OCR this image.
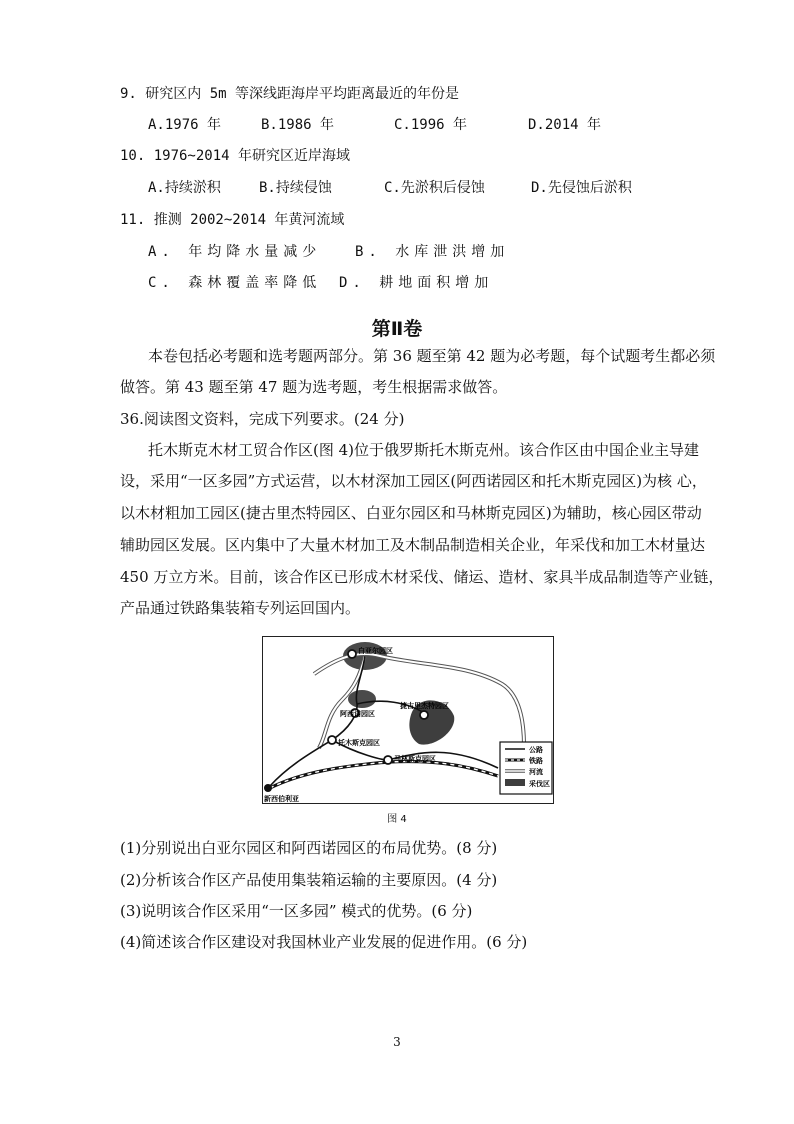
9. 研究区内 5m 等深线距海岸平均距离最近的年份是
A.1976 年	B.1986 年	C.1996 年	D.2014 年
10. 1976~2014 年研究区近岸海域
A.持续淤积	B.持续侵蚀	C.先淤积后侵蚀	D.先侵蚀后淤积
11. 推测 2002~2014 年黄河流域
A. 年均降水量减少 B. 水库泄洪增加
C. 森林覆盖率降低 D. 耕地面积增加
第Ⅱ卷
本卷包括必考题和选考题两部分。第 36 题至第 42 题为必考题，每个试题考生都必须
做答。第 43 题至第 47 题为选考题，考生根据需求做答。
36.阅读图文资料，完成下列要求。(24 分)
托木斯克木材工贸合作区(图 4)位于俄罗斯托木斯克州。该合作区由中国企业主导建
设，采用“一区多园”方式运营，以木材深加工园区(阿西诺园区和托木斯克园区)为核 心，
以木材粗加工园区(捷古里杰特园区、白亚尔园区和马林斯克园区)为辅助，核心园区带动
辅助园区发展。区内集中了大量木材加工及木制品制造相关企业，年采伐和加工木材量达
450 万立方米。目前，该合作区已形成木材采伐、储运、造材、家具半成品制造等产业链，
产品通过铁路集装箱专列运回国内。
白亚尔园区
阿西诺园区
捷古里杰特园区
托木斯克园区
马林斯克园区
新西伯利亚
公路
铁路
河流
采伐区
图 4
(1)分别说出白亚尔园区和阿西诺园区的布局优势。(8 分)
(2)分析该合作区产品使用集装箱运输的主要原因。(4 分)
(3)说明该合作区采用“一区多园” 模式的优势。(6 分)
(4)简述该合作区建设对我国林业产业发展的促进作用。(6 分)
3
